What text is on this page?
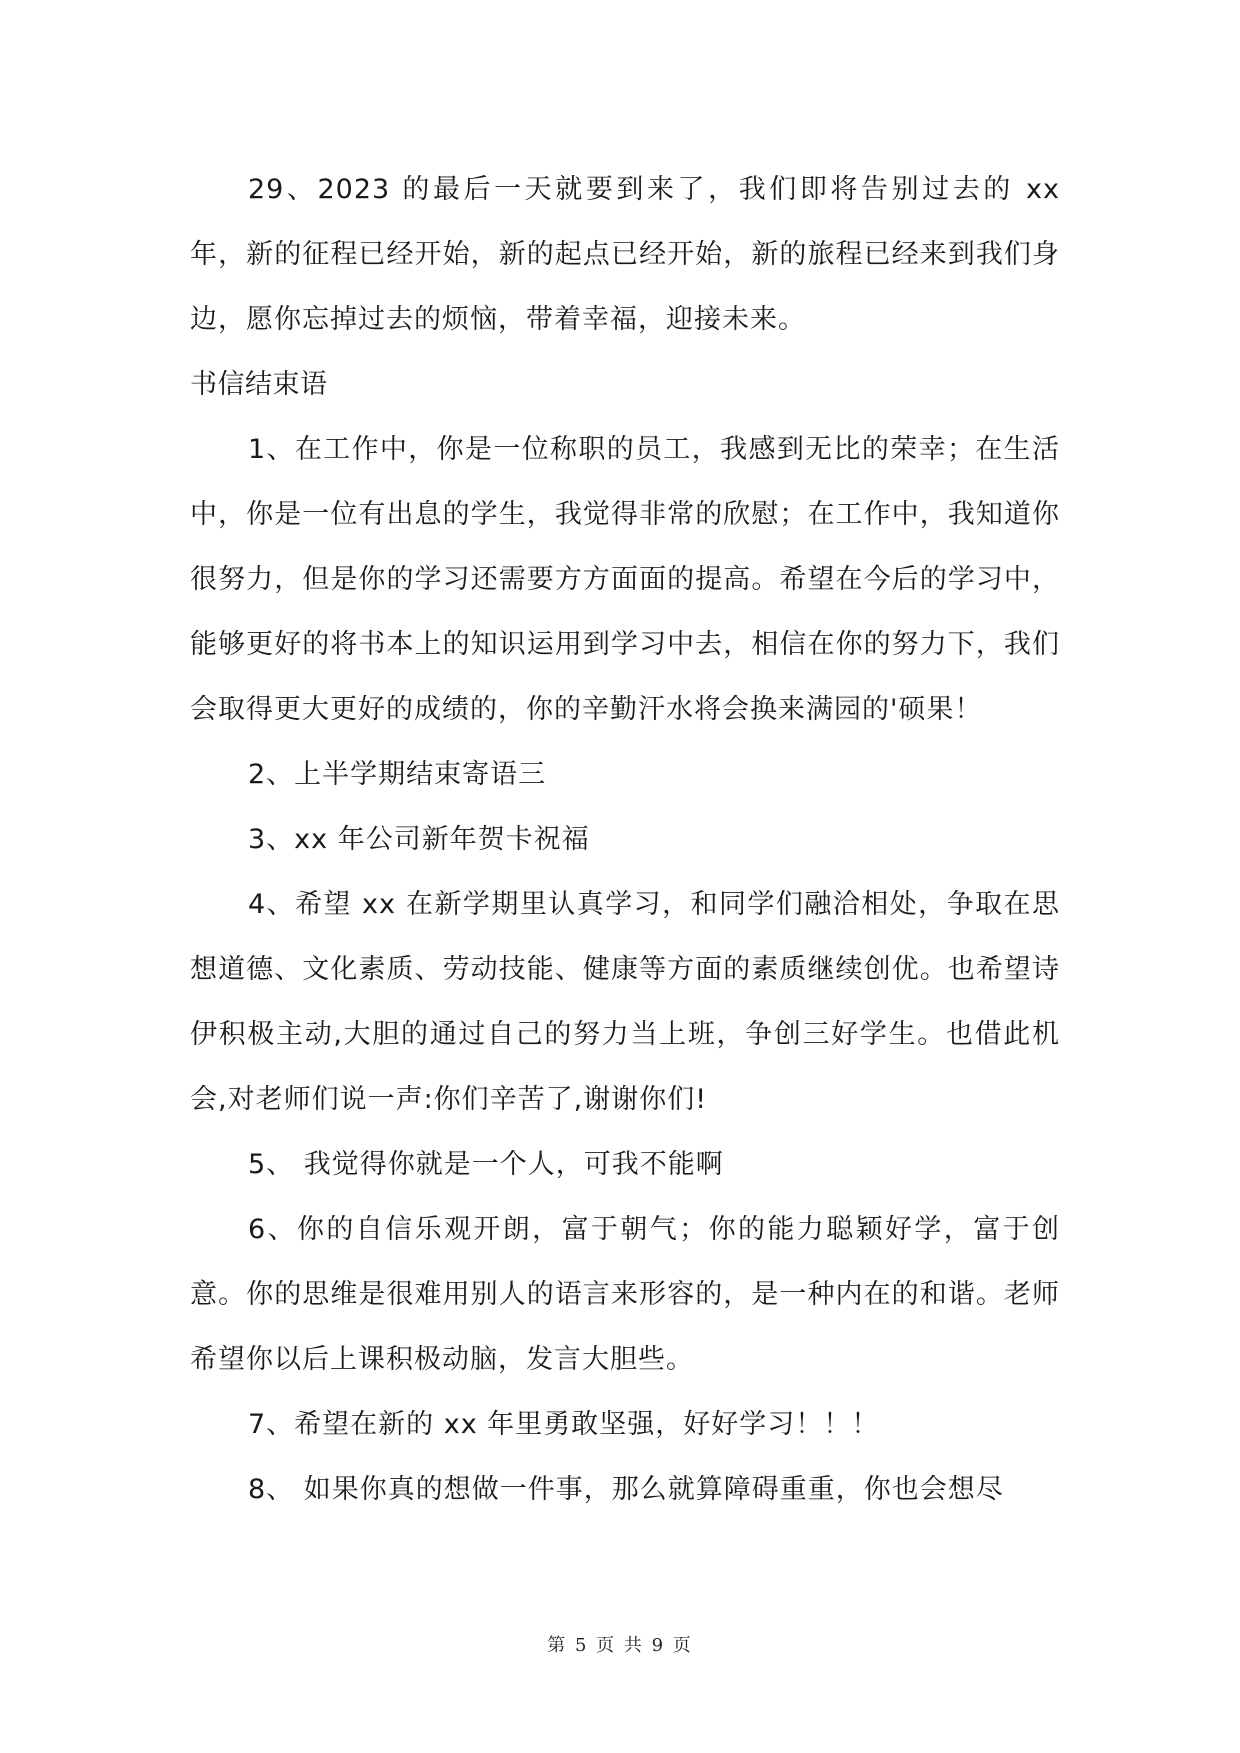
29、2023 的最后一天就要到来了，我们即将告别过去的 xx 年，新的征程已经开始，新的起点已经开始，新的旅程已经来到我们身边，愿你忘掉过去的烦恼，带着幸福，迎接未来。

书信结束语

1、在工作中，你是一位称职的员工，我感到无比的荣幸；在生活中，你是一位有出息的学生，我觉得非常的欣慰；在工作中，我知道你很努力，但是你的学习还需要方方面面的提高。希望在今后的学习中，能够更好的将书本上的知识运用到学习中去，相信在你的努力下，我们会取得更大更好的成绩的，你的辛勤汗水将会换来满园的'硕果！

2、上半学期结束寄语三

3、xx 年公司新年贺卡祝福

4、希望 xx 在新学期里认真学习，和同学们融洽相处，争取在思想道德、文化素质、劳动技能、健康等方面的素质继续创优。也希望诗伊积极主动,大胆的通过自己的努力当上班，争创三好学生。也借此机会,对老师们说一声:你们辛苦了,谢谢你们!

5、 我觉得你就是一个人，可我不能啊

6、你的自信乐观开朗，富于朝气；你的能力聪颖好学，富于创意。你的思维是很难用别人的语言来形容的，是一种内在的和谐。老师希望你以后上课积极动脑，发言大胆些。

7、希望在新的 xx 年里勇敢坚强，好好学习！！！

8、 如果你真的想做一件事，那么就算障碍重重，你也会想尽

第 5 页 共 9 页
